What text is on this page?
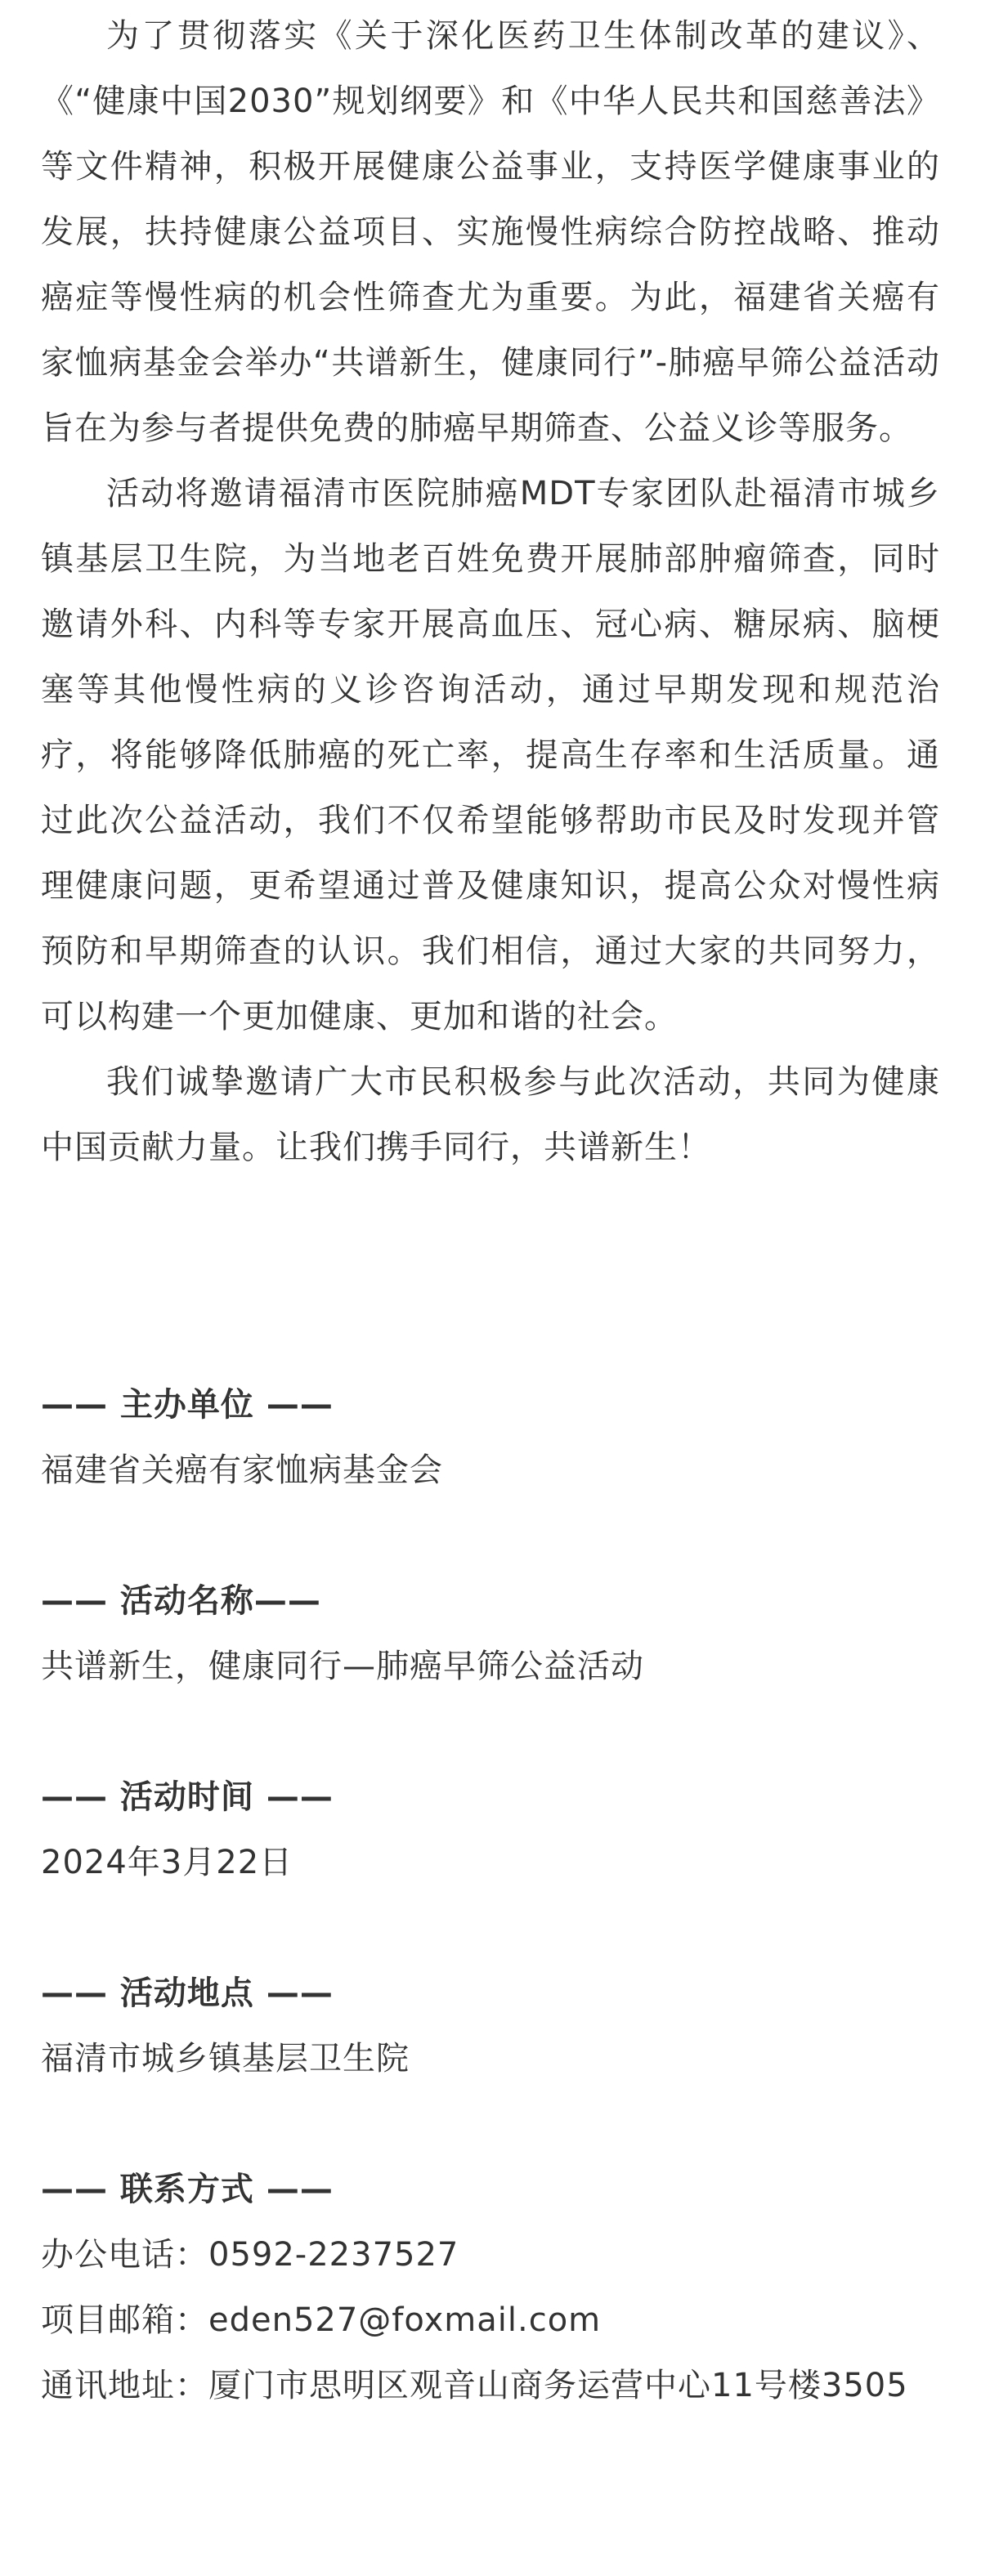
为了贯彻落实《关于深化医药卫生体制改革的建议》、《“健康中国2030”规划纲要》和《中华人民共和国慈善法》等文件精神，积极开展健康公益事业，支持医学健康事业的发展，扶持健康公益项目、实施慢性病综合防控战略、推动癌症等慢性病的机会性筛查尤为重要。为此，福建省关癌有家恤病基金会举办“共谱新生，健康同行”-肺癌早筛公益活动旨在为参与者提供免费的肺癌早期筛查、公益义诊等服务。

活动将邀请福清市医院肺癌MDT专家团队赴福清市城乡镇基层卫生院，为当地老百姓免费开展肺部肿瘤筛查，同时邀请外科、内科等专家开展高血压、冠心病、糖尿病、脑梗塞等其他慢性病的义诊咨询活动，通过早期发现和规范治疗，将能够降低肺癌的死亡率，提高生存率和生活质量。通过此次公益活动，我们不仅希望能够帮助市民及时发现并管理健康问题，更希望通过普及健康知识，提高公众对慢性病预防和早期筛查的认识。我们相信，通过大家的共同努力，可以构建一个更加健康、更加和谐的社会。

我们诚挚邀请广大市民积极参与此次活动，共同为健康中国贡献力量。让我们携手同行，共谱新生！

—— 主办单位 ——

福建省关癌有家恤病基金会

—— 活动名称——

共谱新生，健康同行—肺癌早筛公益活动

—— 活动时间 ——

2024年3月22日

—— 活动地点 ——

福清市城乡镇基层卫生院

—— 联系方式 ——

办公电话：0592-2237527

项目邮箱：eden527@foxmail.com

通讯地址：厦门市思明区观音山商务运营中心11号楼3505
